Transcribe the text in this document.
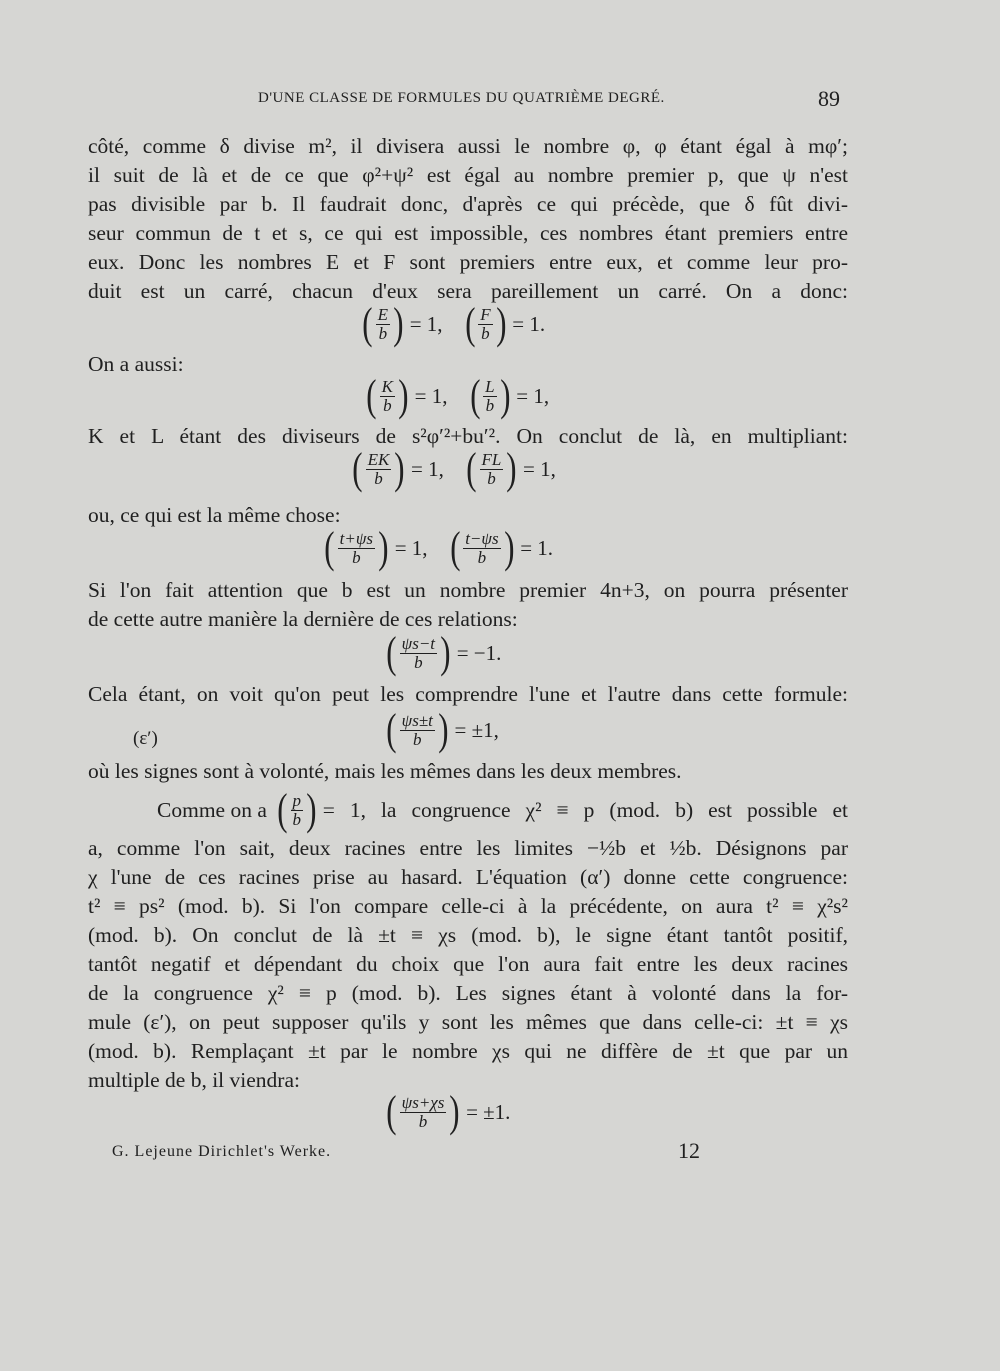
D'UNE CLASSE DE FORMULES DU QUATRIÈME DEGRÉ.	89
côté, comme δ divise m², il divisera aussi le nombre φ, φ étant égal à mφ′;
il suit de là et de ce que φ²+ψ² est égal au nombre premier p, que ψ n'est
pas divisible par b. Il faudrait donc, d'après ce qui précède, que δ fût divi-
seur commun de t et s, ce qui est impossible, ces nombres étant premiers entre
eux. Donc les nombres E et F sont premiers entre eux, et comme leur pro-
duit est un carré, chacun d'eux sera pareillement un carré. On a donc:
( $\frac{E}{b}$ ) = 1, ( $\frac{F}{b}$ ) = 1.
On a aussi:
( $\frac{K}{b}$ ) = 1, ( $\frac{L}{b}$ ) = 1,
K et L étant des diviseurs de s²φ′²+bu′². On conclut de là, en multipliant:
( $\frac{EK}{b}$ ) = 1, ( $\frac{FL}{b}$ ) = 1,
ou, ce qui est la même chose:
( $\frac{t+\psi s}{b}$ ) = 1, ( $\frac{t-\psi s}{b}$ ) = 1.
Si l'on fait attention que b est un nombre premier 4n+3, on pourra présenter
de cette autre manière la dernière de ces relations:
( $\frac{\psi s-t}{b}$ ) = −1.
Cela étant, on voit qu'on peut les comprendre l'une et l'autre dans cette formule:
(ε′)	( $\frac{\psi s\pm t}{b}$ ) = ±1,
où les signes sont à volonté, mais les mêmes dans les deux membres.
Comme on a ( $\frac{p}{b}$ ) = 1, la congruence χ² ≡ p (mod. b) est possible et
a, comme l'on sait, deux racines entre les limites −½b et ½b. Désignons par
χ l'une de ces racines prise au hasard. L'équation (α′) donne cette congruence:
t² ≡ ps² (mod. b). Si l'on compare celle-ci à la précédente, on aura t² ≡ χ²s²
(mod. b). On conclut de là ±t ≡ χs (mod. b), le signe étant tantôt positif,
tantôt negatif et dépendant du choix que l'on aura fait entre les deux racines
de la congruence χ² ≡ p (mod. b). Les signes étant à volonté dans la for-
mule (ε′), on peut supposer qu'ils y sont les mêmes que dans celle-ci: ±t ≡ χs
(mod. b). Remplaçant ±t par le nombre χs qui ne diffère de ±t que par un
multiple de b, il viendra:
( $\frac{\psi s+\chi s}{b}$ ) = ±1.
G. Lejeune Dirichlet's Werke.	12
